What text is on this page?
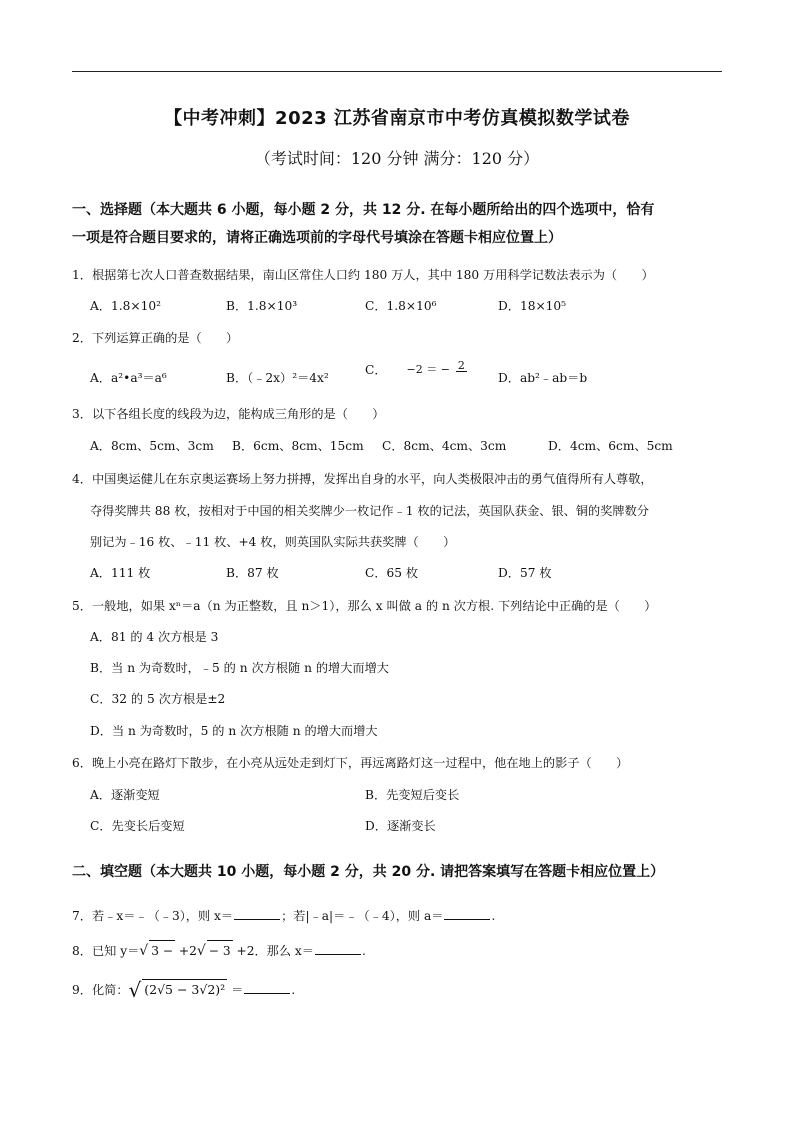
【中考冲刺】2023 江苏省南京市中考仿真模拟数学试卷
（考试时间：120 分钟 满分：120 分）
一、选择题（本大题共 6 小题，每小题 2 分，共 12 分. 在每小题所给出的四个选项中，恰有
一项是符合题目要求的，请将正确选项前的字母代号填涂在答题卡相应位置上）
1．根据第七次人口普查数据结果，南山区常住人口约 180 万人，其中 180 万用科学记数法表示为（　　）
A．1.8×10²	B．1.8×10³	C．1.8×10⁶	D．18×10⁵
2．下列运算正确的是（　　）
A．a²•a³＝a⁶	B．（﹣2x）²＝4x²
C． −2 ＝ − 2
D．ab²﹣ab＝b
3．以下各组长度的线段为边，能构成三角形的是（　　）
A．8cm、5cm、3cm B．6cm、8cm、15cm C．8cm、4cm、3cm	D．4cm、6cm、5cm
4．中国奥运健儿在东京奥运赛场上努力拼搏，发挥出自身的水平，向人类极限冲击的勇气值得所有人尊敬，
夺得奖牌共 88 枚，按相对于中国的相关奖牌少一枚记作﹣1 枚的记法，英国队获金、银、铜的奖牌数分
别记为﹣16 枚、﹣11 枚、+4 枚，则英国队实际共获奖牌（　　）
A．111 枚	B．87 枚	C．65 枚	D．57 枚
5．一般地，如果 xⁿ＝a（n 为正整数，且 n＞1），那么 x 叫做 a 的 n 次方根. 下列结论中正确的是（　　）
A．81 的 4 次方根是 3
B．当 n 为奇数时，﹣5 的 n 次方根随 n 的增大而增大
C．32 的 5 次方根是±2
D．当 n 为奇数时，5 的 n 次方根随 n 的增大而增大
6．晚上小亮在路灯下散步，在小亮从远处走到灯下，再远离路灯这一过程中，他在地上的影子（　　）
A．逐渐变短	B．先变短后变长
C．先变长后变短	D．逐渐变长
二、填空题（本大题共 10 小题，每小题 2 分，共 20 分. 请把答案填写在答题卡相应位置上）
7．若﹣x＝﹣（﹣3），则 x＝	；若|﹣a|＝﹣（﹣4），则 a＝	.
8．已知 y＝√ 3 − +2√− 3 +2．那么 x＝	.
9．化简：√ (2√5 − 3√2)² ＝	.
